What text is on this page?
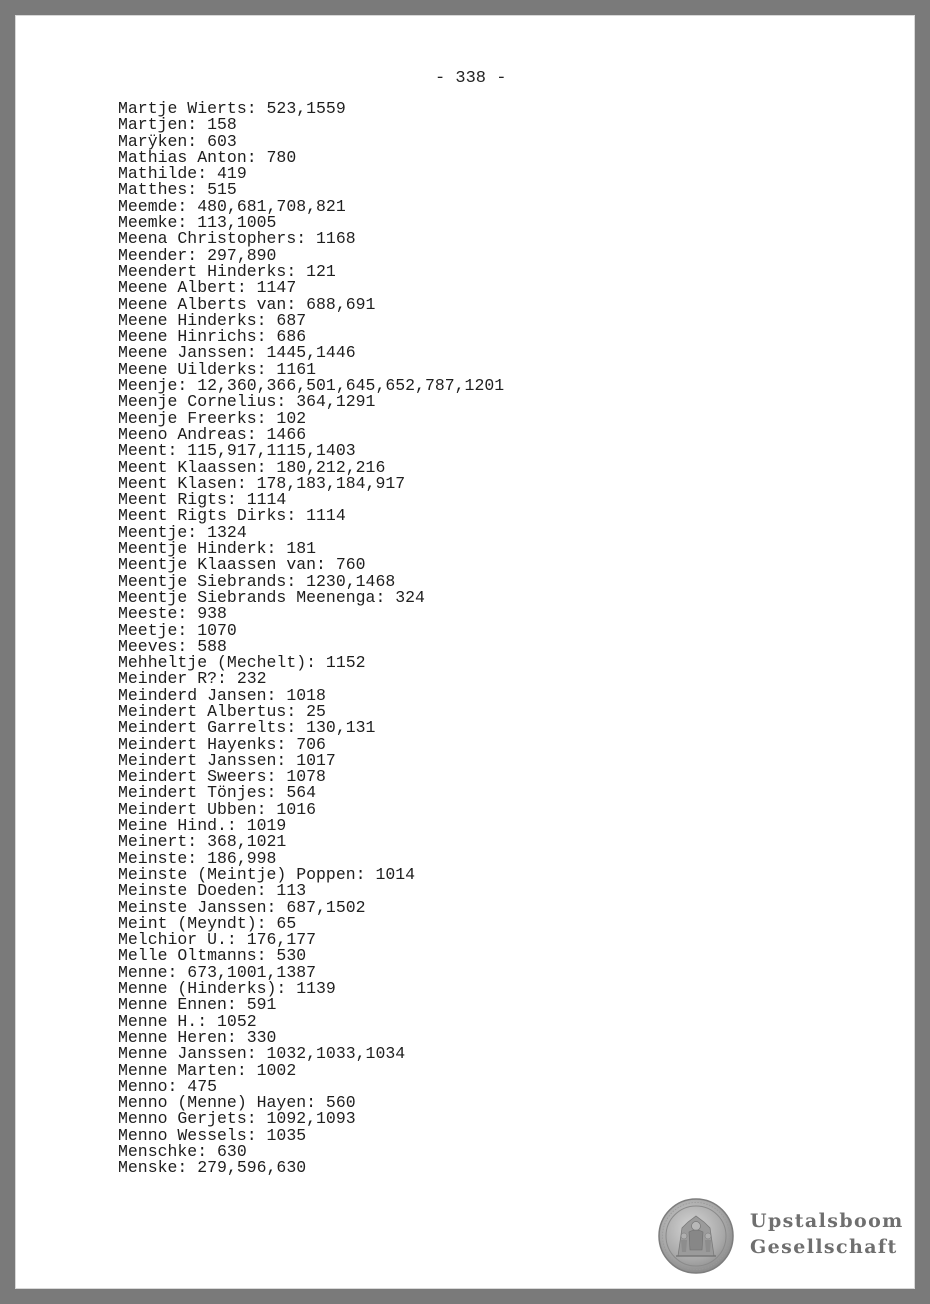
- 338 -
Martje Wierts: 523,1559
Martjen: 158
Marÿken: 603
Mathias Anton: 780
Mathilde: 419
Matthes: 515
Meemde: 480,681,708,821
Meemke: 113,1005
Meena Christophers: 1168
Meender: 297,890
Meendert Hinderks: 121
Meene Albert: 1147
Meene Alberts van: 688,691
Meene Hinderks: 687
Meene Hinrichs: 686
Meene Janssen: 1445,1446
Meene Uilderks: 1161
Meenje: 12,360,366,501,645,652,787,1201
Meenje Cornelius: 364,1291
Meenje Freerks: 102
Meeno Andreas: 1466
Meent: 115,917,1115,1403
Meent Klaassen: 180,212,216
Meent Klasen: 178,183,184,917
Meent Rigts: 1114
Meent Rigts Dirks: 1114
Meentje: 1324
Meentje Hinderk: 181
Meentje Klaassen van: 760
Meentje Siebrands: 1230,1468
Meentje Siebrands Meenenga: 324
Meeste: 938
Meetje: 1070
Meeves: 588
Mehheltje (Mechelt): 1152
Meinder R?: 232
Meinderd Jansen: 1018
Meindert Albertus: 25
Meindert Garrelts: 130,131
Meindert Hayenks: 706
Meindert Janssen: 1017
Meindert Sweers: 1078
Meindert Tönjes: 564
Meindert Ubben: 1016
Meine Hind.: 1019
Meinert: 368,1021
Meinste: 186,998
Meinste (Meintje) Poppen: 1014
Meinste Doeden: 113
Meinste Janssen: 687,1502
Meint (Meyndt): 65
Melchior U.: 176,177
Melle Oltmanns: 530
Menne: 673,1001,1387
Menne (Hinderks): 1139
Menne Ennen: 591
Menne H.: 1052
Menne Heren: 330
Menne Janssen: 1032,1033,1034
Menne Marten: 1002
Menno: 475
Menno (Menne) Hayen: 560
Menno Gerjets: 1092,1093
Menno Wessels: 1035
Menschke: 630
Menske: 279,596,630
Upstalsboom
Gesellschaft
